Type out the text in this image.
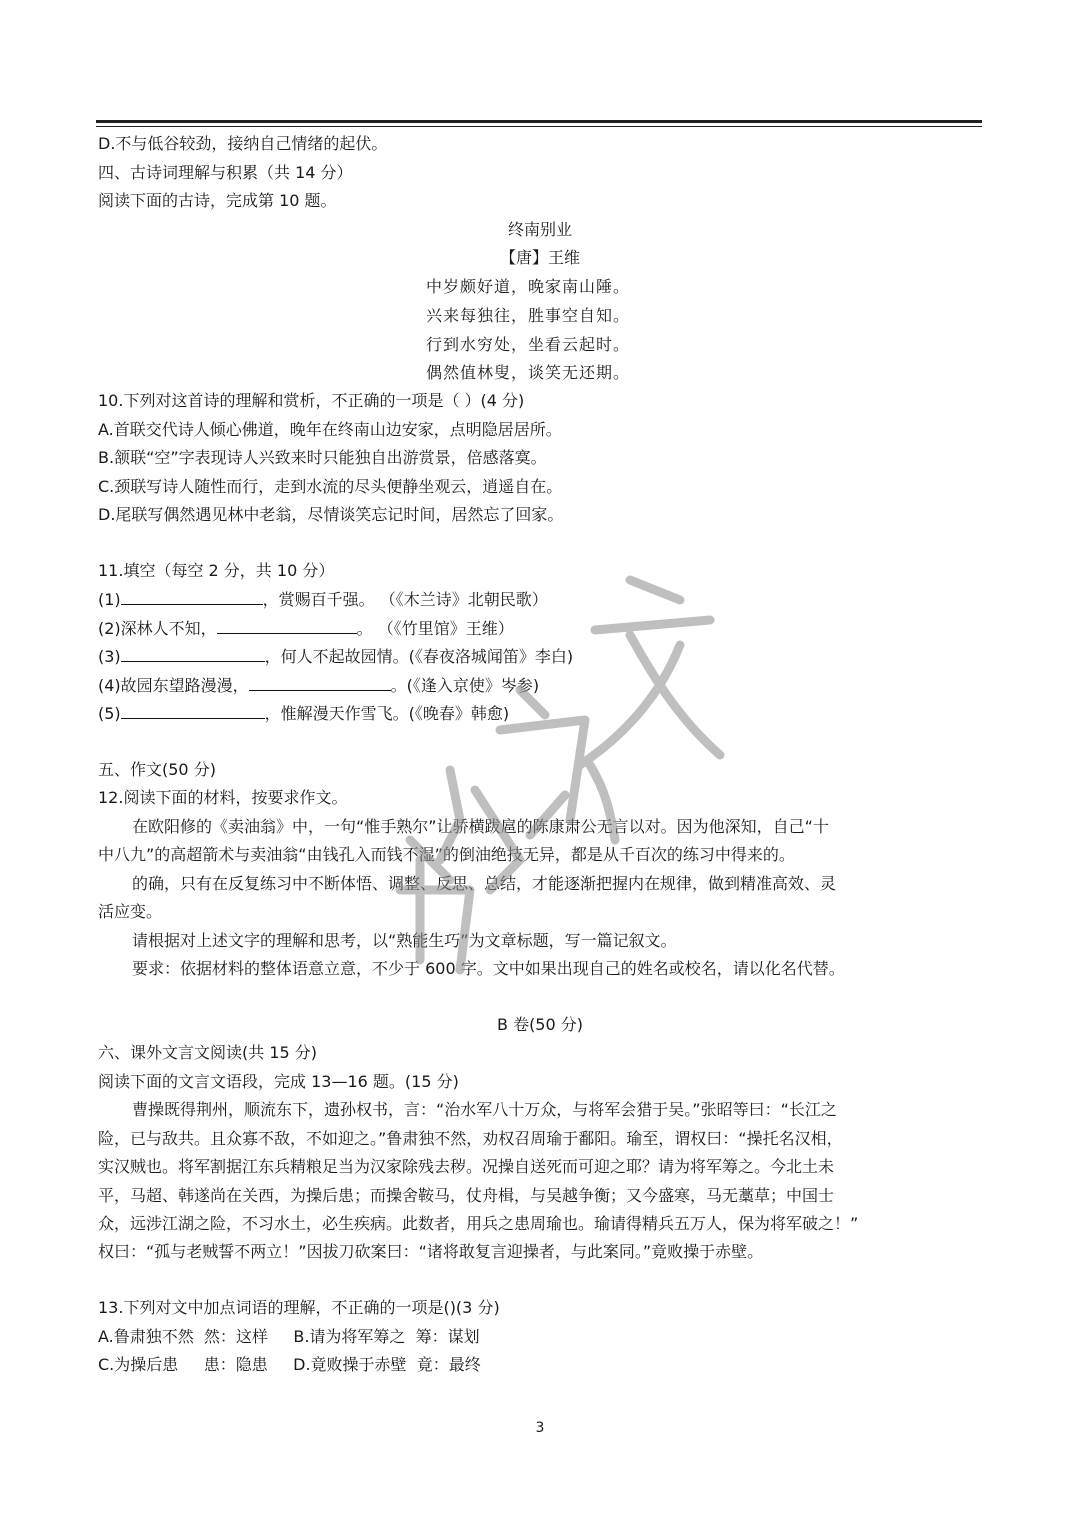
D.不与低谷较劲，接纳自己情绪的起伏。
四、古诗词理解与积累（共 14 分）
阅读下面的古诗，完成第 10 题。
终南别业
【唐】王维
中岁颇好道，晚家南山陲。
兴来每独往，胜事空自知。
行到水穷处，坐看云起时。
偶然值林叟，谈笑无还期。
10.下列对这首诗的理解和赏析，不正确的一项是（ ）(4 分)
A.首联交代诗人倾心佛道，晚年在终南山边安家，点明隐居居所。
B.颔联“空”字表现诗人兴致来时只能独自出游赏景，倍感落寞。
C.颈联写诗人随性而行，走到水流的尽头便静坐观云，逍遥自在。
D.尾联写偶然遇见林中老翁，尽情谈笑忘记时间，居然忘了回家。
11.填空（每空 2 分，共 10 分）
(1)	，赏赐百千强。 （《木兰诗》北朝民歌）
(2)深林人不知，	。 （《竹里馆》王维）
(3)	，何人不起故园情。(《春夜洛城闻笛》李白)
(4)故园东望路漫漫，	。(《逢入京使》岑参)
(5)	，惟解漫天作雪飞。(《晚春》韩愈)
五、作文(50 分)
12.阅读下面的材料，按要求作文。
在欧阳修的《卖油翁》中，一句“惟手熟尔”让骄横跋扈的陈康肃公无言以对。因为他深知，自己“十
中八九”的高超箭术与卖油翁“由钱孔入而钱不湿”的倒油绝技无异，都是从千百次的练习中得来的。
的确，只有在反复练习中不断体悟、调整、反思、总结，才能逐渐把握内在规律，做到精准高效、灵
活应变。
请根据对上述文字的理解和思考，以“熟能生巧”为文章标题，写一篇记叙文。
要求：依据材料的整体语意立意，不少于 600 字。文中如果出现自己的姓名或校名，请以化名代替。
B 卷(50 分)
六、课外文言文阅读(共 15 分)
阅读下面的文言文语段，完成 13—16 题。(15 分)
曹操既得荆州，顺流东下，遗孙权书，言：“治水军八十万众，与将军会猎于吴。”张昭等曰：“长江之
险，已与敌共。且众寡不敌，不如迎之。”鲁肃独不然，劝权召周瑜于鄱阳。瑜至，谓权曰：“操托名汉相，
实汉贼也。将军割据江东兵精粮足当为汉家除残去秽。况操自送死而可迎之耶？请为将军筹之。今北土未
平，马超、韩遂尚在关西，为操后患；而操舍鞍马，仗舟楫，与吴越争衡；又今盛寒，马无藁草；中国士
众，远涉江湖之险，不习水土，必生疾病。此数者，用兵之患周瑜也。瑜请得精兵五万人，保为将军破之！”
权曰：“孤与老贼誓不两立！”因拔刀砍案曰：“诸将敢复言迎操者，与此案同。”竟败操于赤壁。
13.下列对文中加点词语的理解，不正确的一项是()(3 分)
A.鲁肃独不然  然：这样     B.请为将军筹之  筹：谋划
C.为操后患     患：隐患     D.竟败操于赤壁  竟：最终
3
